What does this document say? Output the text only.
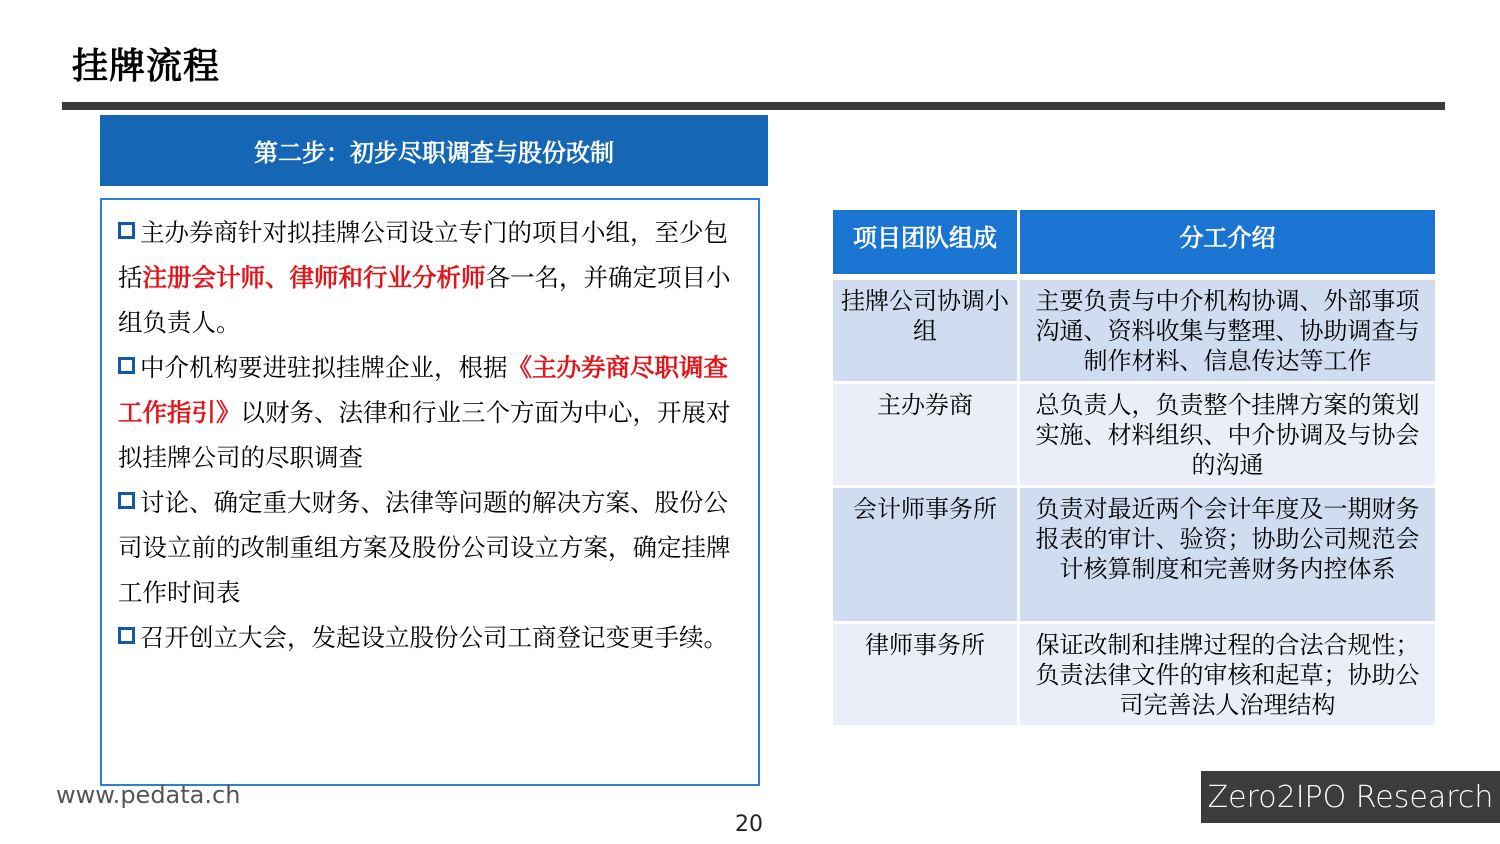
挂牌流程
第二步：初步尽职调查与股份改制

主办券商针对拟挂牌公司设立专门的项目小组，至少包括注册会计师、律师和行业分析师各一名，并确定项目小组负责人。

中介机构要进驻拟挂牌企业，根据《主办券商尽职调查工作指引》以财务、法律和行业三个方面为中心，开展对拟挂牌公司的尽职调查

讨论、确定重大财务、法律等问题的解决方案、股份公司设立前的改制重组方案及股份公司设立方案，确定挂牌工作时间表

召开创立大会，发起设立股份公司工商登记变更手续。

项目团队组成	分工介绍
挂牌公司协调小组	主要负责与中介机构协调、外部事项沟通、资料收集与整理、协助调查与制作材料、信息传达等工作
主办券商	总负责人，负责整个挂牌方案的策划实施、材料组织、中介协调及与协会的沟通
会计师事务所	负责对最近两个会计年度及一期财务报表的审计、验资；协助公司规范会计核算制度和完善财务内控体系
律师事务所	保证改制和挂牌过程的合法合规性；负责法律文件的审核和起草；协助公司完善法人治理结构
www.pedata.ch
20
Zero2IPO Research
